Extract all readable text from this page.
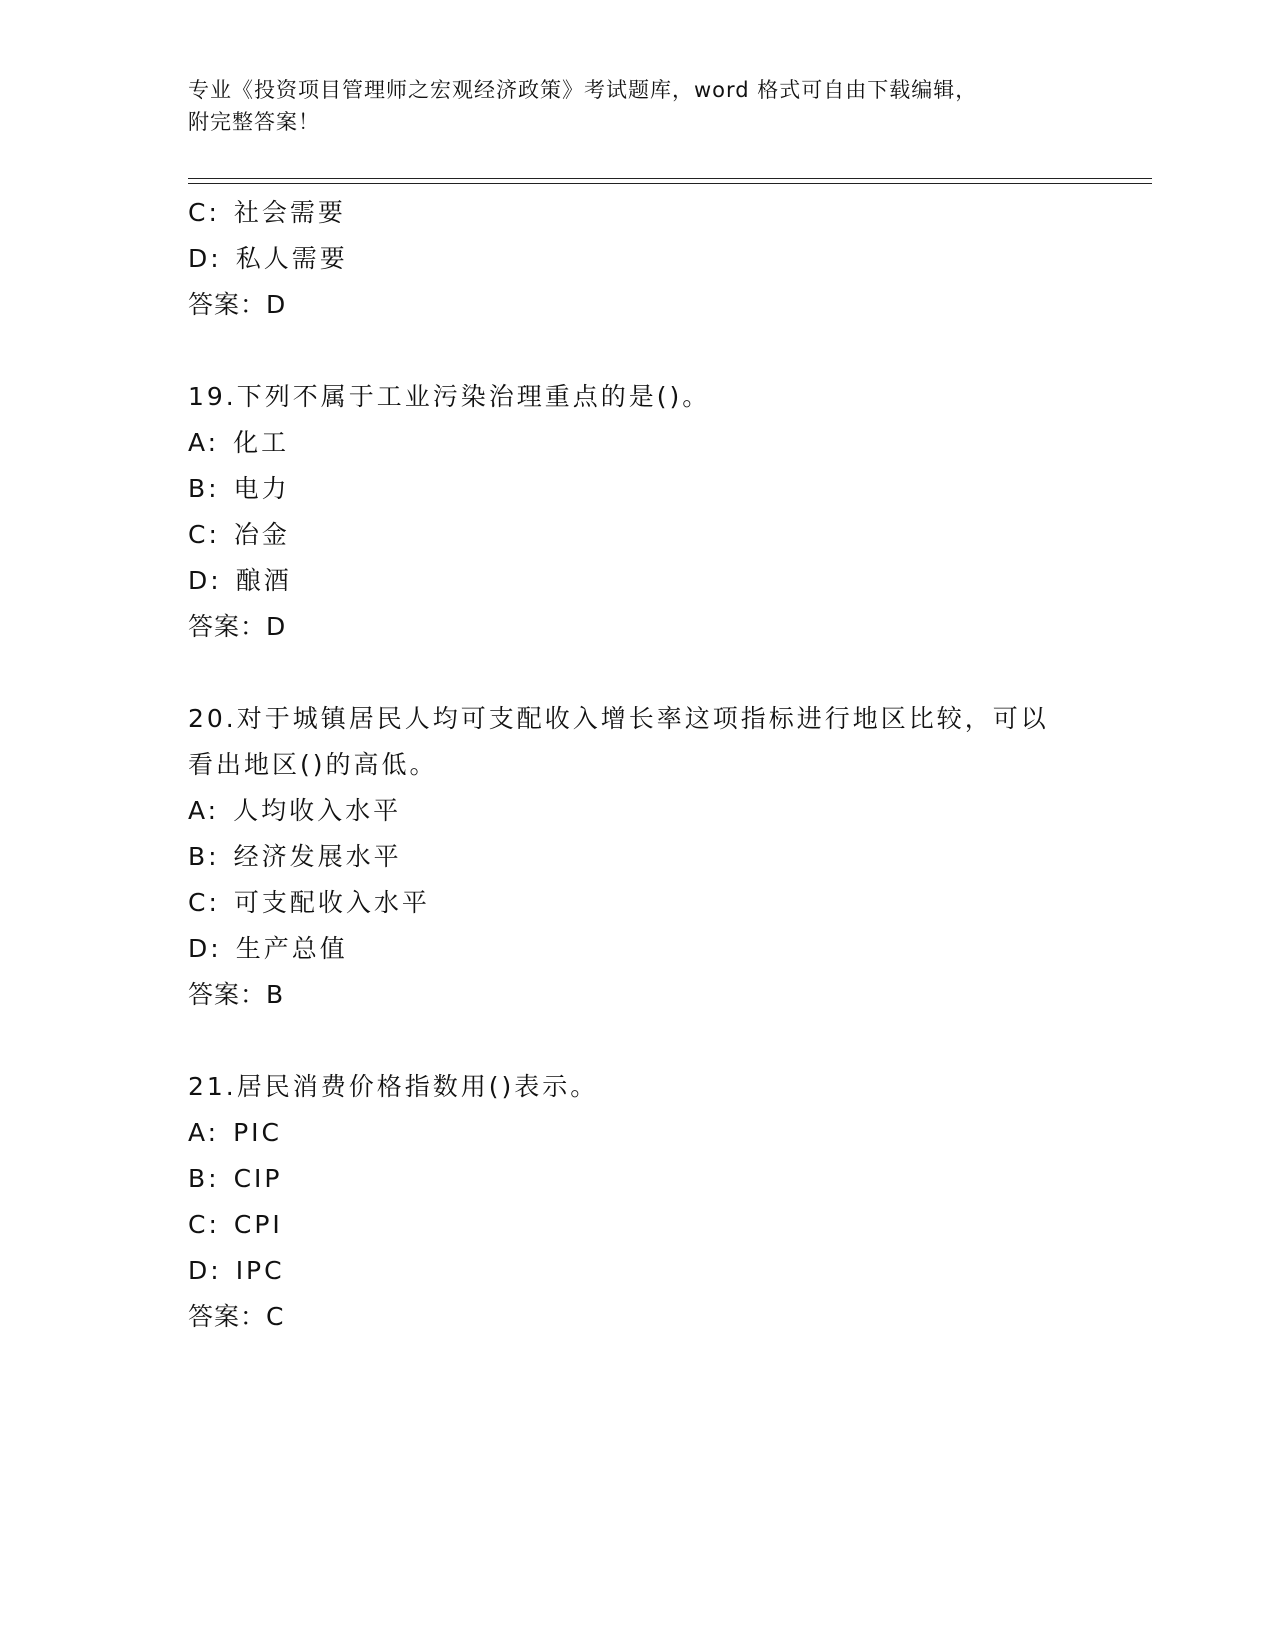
专业《投资项目管理师之宏观经济政策》考试题库，word 格式可自由下载编辑，
附完整答案！
C: 社会需要
D: 私人需要
答案：D
19.下列不属于工业污染治理重点的是()。
A: 化工
B: 电力
C: 冶金
D: 酿酒
答案：D
20.对于城镇居民人均可支配收入增长率这项指标进行地区比较，可以
看出地区()的高低。
A: 人均收入水平
B: 经济发展水平
C: 可支配收入水平
D: 生产总值
答案：B
21.居民消费价格指数用()表示。
A: PIC
B: CIP
C: CPI
D: IPC
答案：C
